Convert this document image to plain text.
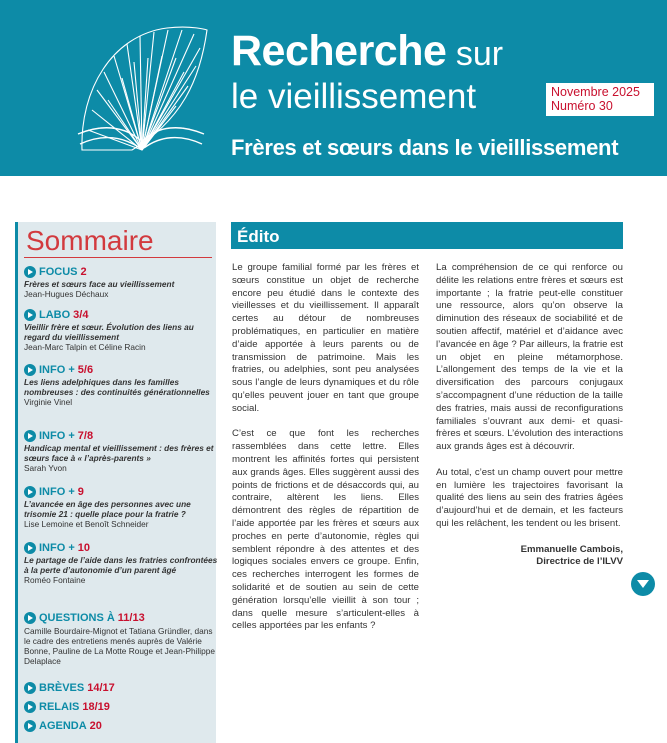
Recherche sur
le vieillissement	Novembre 2025
Numéro 30
Frères et sœurs dans le vieillissement
Sommaire
FOCUS 2
Frères et sœurs face au vieillissement
Jean-Hugues Déchaux
LABO 3/4
Vieillir frère et sœur. Évolution des liens au regard du vieillissement
Jean-Marc Talpin et Céline Racin
INFO + 5/6
Les liens adelphiques dans les familles nombreuses : des continuités générationnelles
Virginie Vinel
INFO + 7/8
Handicap mental et vieillissement : des frères et sœurs face à « l’après-parents »
Sarah Yvon
INFO + 9
L’avancée en âge des personnes avec une trisomie 21 : quelle place pour la fratrie ?
Lise Lemoine et Benoît Schneider
INFO + 10
Le partage de l’aide dans les fratries confrontées à la perte d’autonomie d’un parent âgé
Roméo Fontaine
QUESTIONS À 11/13
Camille Bourdaire-Mignot et Tatiana Gründler, dans le cadre des entretiens menés auprès de Valérie Bonne, Pauline de La Motte Rouge et Jean-Philippe Delaplace
BRÈVES 14/17
RELAIS 18/19
AGENDA 20
Édito

Le groupe familial formé par les frères et sœurs constitue un objet de recherche encore peu étudié dans le contexte des vieillesses et du vieillissement. Il apparaît certes au détour de nombreuses problématiques, en particulier en matière d’aide apportée à leurs parents ou de transmission de patrimoine. Mais les fratries, ou adelphies, sont peu analysées sous l’angle de leurs dynamiques et du rôle qu’elles peuvent jouer en tant que groupe social.

C’est ce que font les recherches rassemblées dans cette lettre. Elles montrent les affinités fortes qui persistent aux grands âges. Elles suggèrent aussi des points de frictions et de désaccords qui, au contraire, altèrent les liens. Elles démontrent des règles de répartition de l’aide apportée par les frères et sœurs aux proches en perte d’autonomie, règles qui semblent répondre à des attentes et des logiques sociales envers ce groupe. Enfin, ces recherches interrogent les formes de solidarité et de soutien au sein de cette génération lorsqu’elle vieillit à son tour ; dans quelle mesure s’articulent-elles à celles apportées par les enfants ?

La compréhension de ce qui renforce ou délite les relations entre frères et sœurs est importante ; la fratrie peut-elle constituer une ressource, alors qu’on observe la diminution des réseaux de sociabilité et de soutien affectif, matériel et d’aidance avec l’avancée en âge ? Par ailleurs, la fratrie est un objet en pleine métamorphose. L’allongement des temps de la vie et la diversification des parcours conjugaux s’accompagnent d’une réduction de la taille des fratries, mais aussi de reconfigurations familiales s’ouvrant aux demi- et quasi-frères et sœurs. L’évolution des interactions aux grands âges est à découvrir.

Au total, c’est un champ ouvert pour mettre en lumière les trajectoires favorisant la qualité des liens au sein des fratries âgées d’aujourd’hui et de demain, et les facteurs qui les relâchent, les tendent ou les brisent.

Emmanuelle Cambois,
Directrice de l’ILVV
